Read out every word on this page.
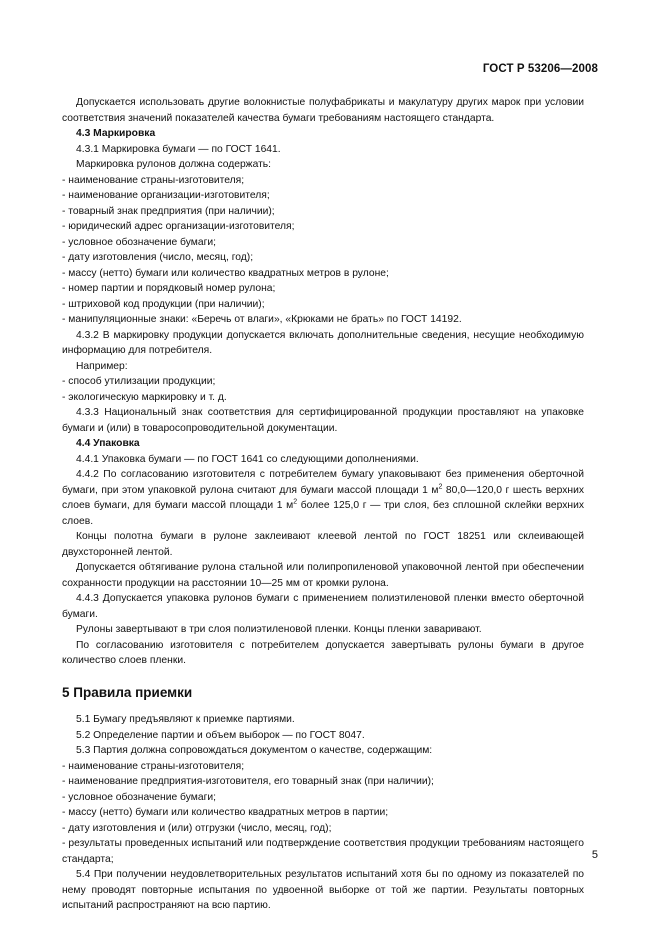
ГОСТ Р 53206—2008

Допускается использовать другие волокнистые полуфабрикаты и макулатуру других марок при условии соответствия значений показателей качества бумаги требованиям настоящего стандарта.

4.3 Маркировка

4.3.1 Маркировка бумаги — по ГОСТ 1641.

Маркировка рулонов должна содержать:

- наименование страны-изготовителя;

- наименование организации-изготовителя;

- товарный знак предприятия (при наличии);

- юридический адрес организации-изготовителя;

- условное обозначение бумаги;

- дату изготовления (число, месяц, год);

- массу (нетто) бумаги или количество квадратных метров в рулоне;

- номер партии и порядковый номер рулона;

- штриховой код продукции (при наличии);

- манипуляционные знаки: «Беречь от влаги», «Крюками не брать» по ГОСТ 14192.

4.3.2 В маркировку продукции допускается включать дополнительные сведения, несущие необходимую информацию для потребителя.

Например:

- способ утилизации продукции;

- экологическую маркировку и т. д.

4.3.3 Национальный знак соответствия для сертифицированной продукции проставляют на упаковке бумаги и (или) в товаросопроводительной документации.

4.4 Упаковка

4.4.1 Упаковка бумаги — по ГОСТ 1641 со следующими дополнениями.

4.4.2 По согласованию изготовителя с потребителем бумагу упаковывают без применения оберточной бумаги, при этом упаковкой рулона считают для бумаги массой площади 1 $м^2$ 80,0—120,0 г шесть верхних слоев бумаги, для бумаги массой площади 1 $м^2$ более 125,0 г — три слоя, без сплошной склейки верхних слоев.

Концы полотна бумаги в рулоне заклеивают клеевой лентой по ГОСТ 18251 или склеивающей двухсторонней лентой.

Допускается обтягивание рулона стальной или полипропиленовой упаковочной лентой при обеспечении сохранности продукции на расстоянии 10—25 мм от кромки рулона.

4.4.3 Допускается упаковка рулонов бумаги с применением полиэтиленовой пленки вместо оберточной бумаги.

Рулоны завертывают в три слоя полиэтиленовой пленки. Концы пленки заваривают.

По согласованию изготовителя с потребителем допускается завертывать рулоны бумаги в другое количество слоев пленки.

5 Правила приемки

5.1 Бумагу предъявляют к приемке партиями.

5.2 Определение партии и объем выборок — по ГОСТ 8047.

5.3 Партия должна сопровождаться документом о качестве, содержащим:

- наименование страны-изготовителя;

- наименование предприятия-изготовителя, его товарный знак (при наличии);

- условное обозначение бумаги;

- массу (нетто) бумаги или количество квадратных метров в партии;

- дату изготовления и (или) отгрузки (число, месяц, год);

- результаты проведенных испытаний или подтверждение соответствия продукции требованиям настоящего стандарта;

5.4 При получении неудовлетворительных результатов испытаний хотя бы по одному из показателей по нему проводят повторные испытания по удвоенной выборке от той же партии. Результаты повторных испытаний распространяют на всю партию.

5
